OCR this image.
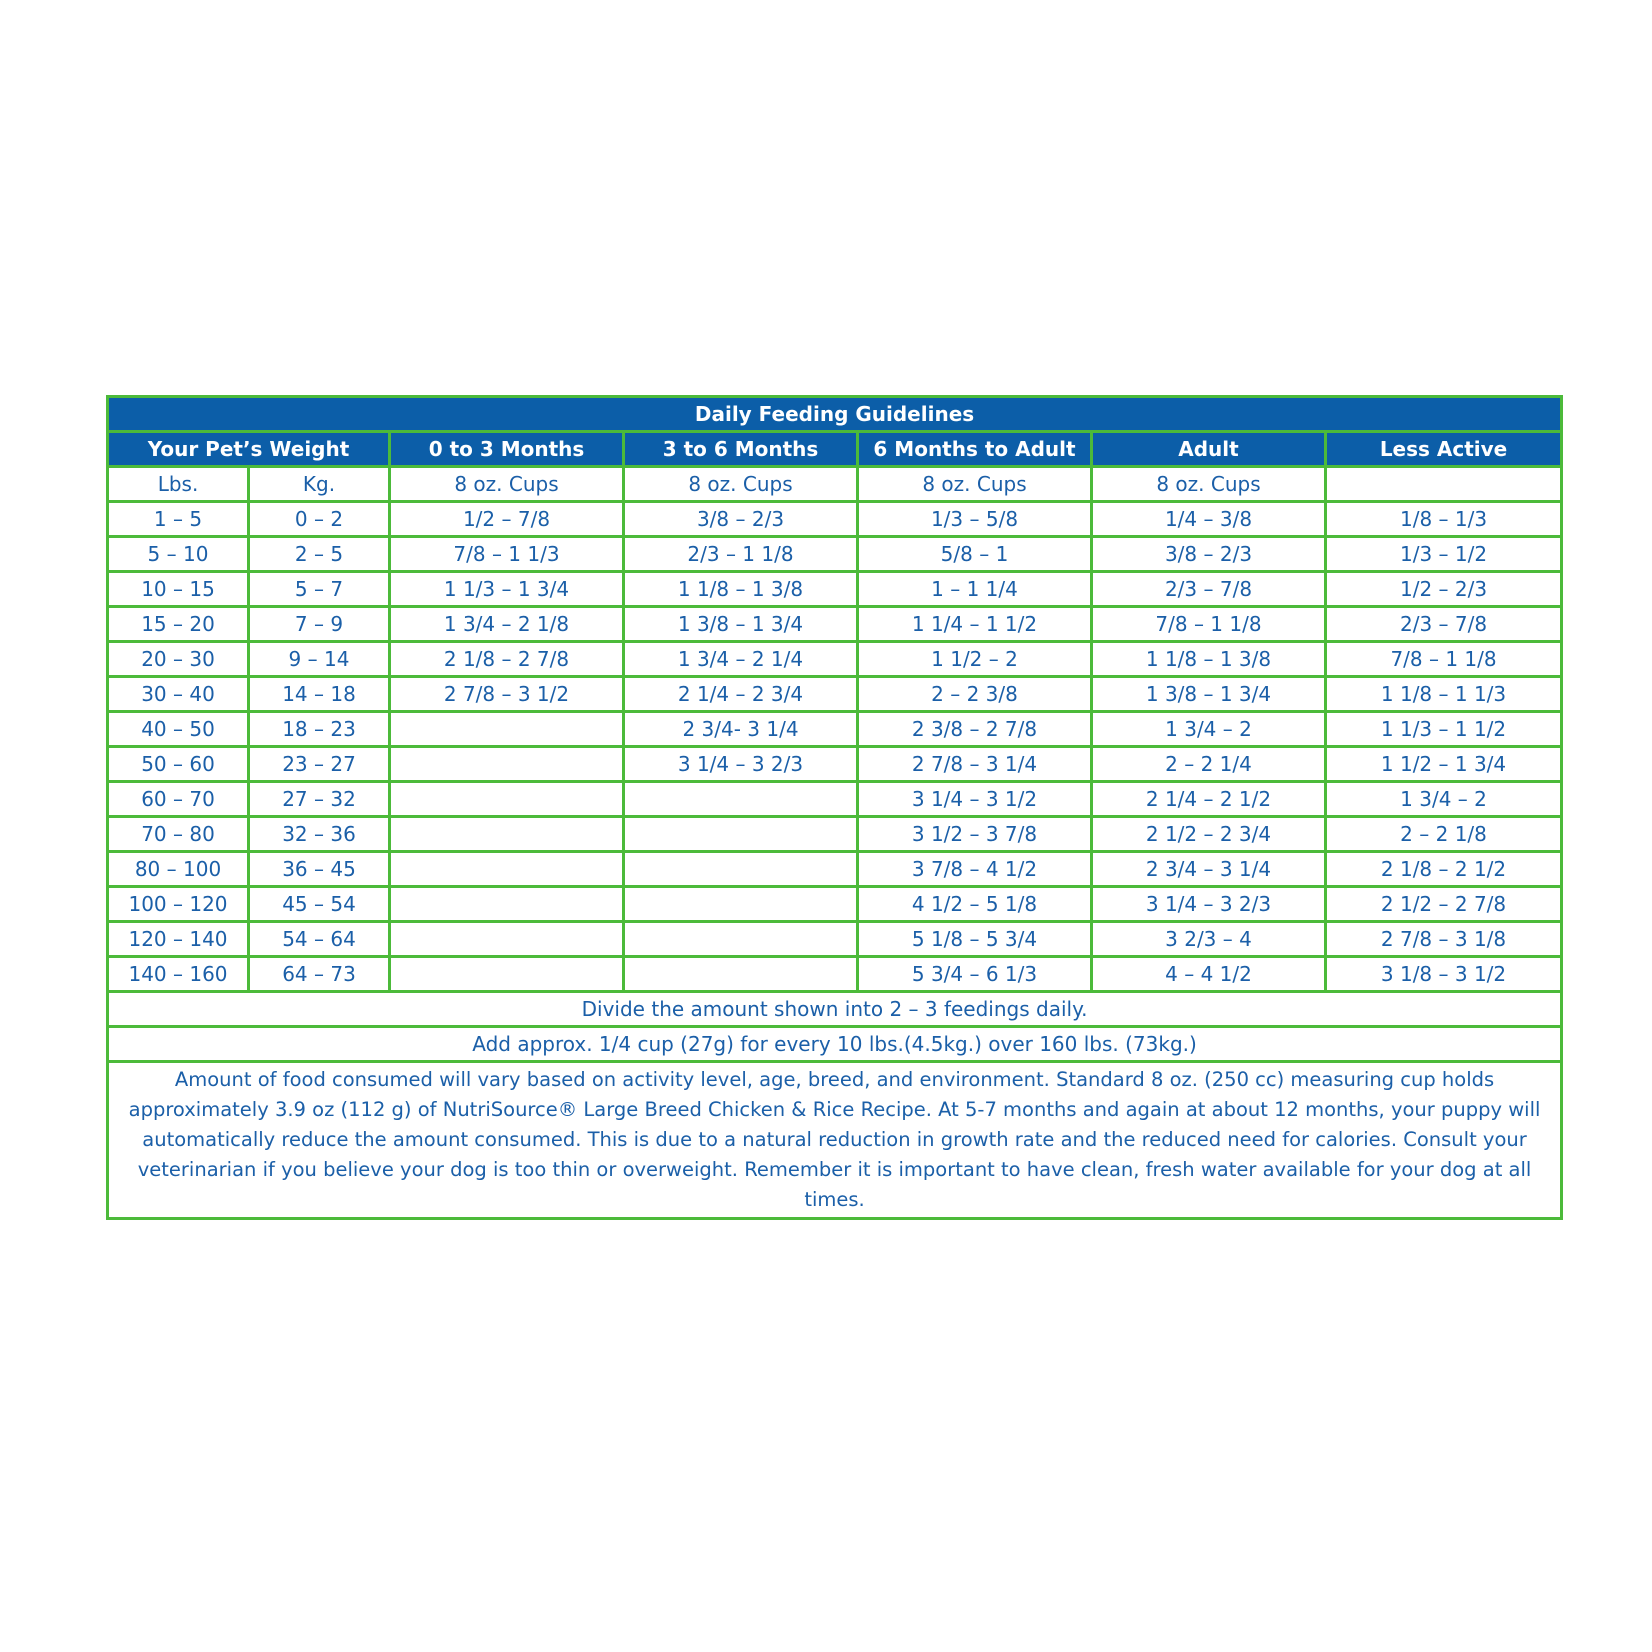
Daily Feeding Guidelines						
Your Pet’s Weight		0 to 3 Months	3 to 6 Months	6 Months to Adult	Adult	Less Active
Lbs.	Kg.	8 oz. Cups	8 oz. Cups	8 oz. Cups	8 oz. Cups	
1 – 5	0 – 2	1/2 – 7/8	3/8 – 2/3	1/3 – 5/8	1/4 – 3/8	1/8 – 1/3
5 – 10	2 – 5	7/8 – 1 1/3	2/3 – 1 1/8	5/8 – 1	3/8 – 2/3	1/3 – 1/2
10 – 15	5 – 7	1 1/3 – 1 3/4	1 1/8 – 1 3/8	1 – 1 1/4	2/3 – 7/8	1/2 – 2/3
15 – 20	7 – 9	1 3/4 – 2 1/8	1 3/8 – 1 3/4	1 1/4 – 1 1/2	7/8 – 1 1/8	2/3 – 7/8
20 – 30	9 – 14	2 1/8 – 2 7/8	1 3/4 – 2 1/4	1 1/2 – 2	1 1/8 – 1 3/8	7/8 – 1 1/8
30 – 40	14 – 18	2 7/8 – 3 1/2	2 1/4 – 2 3/4	2 – 2 3/8	1 3/8 – 1 3/4	1 1/8 – 1 1/3
40 – 50	18 – 23		2 3/4- 3 1/4	2 3/8 – 2 7/8	1 3/4 – 2	1 1/3 – 1 1/2
50 – 60	23 – 27		3 1/4 – 3 2/3	2 7/8 – 3 1/4	2 – 2 1/4	1 1/2 – 1 3/4
60 – 70	27 – 32			3 1/4 – 3 1/2	2 1/4 – 2 1/2	1 3/4 – 2
70 – 80	32 – 36			3 1/2 – 3 7/8	2 1/2 – 2 3/4	2 – 2 1/8
80 – 100	36 – 45			3 7/8 – 4 1/2	2 3/4 – 3 1/4	2 1/8 – 2 1/2
100 – 120	45 – 54			4 1/2 – 5 1/8	3 1/4 – 3 2/3	2 1/2 – 2 7/8
120 – 140	54 – 64			5 1/8 – 5 3/4	3 2/3 – 4	2 7/8 – 3 1/8
140 – 160	64 – 73			5 3/4 – 6 1/3	4 – 4 1/2	3 1/8 – 3 1/2
Divide the amount shown into 2 – 3 feedings daily.						
Add approx. 1/4 cup (27g) for every 10 lbs.(4.5kg.) over 160 lbs. (73kg.)						
Amount of food consumed will vary based on activity level, age, breed, and environment. Standard 8 oz. (250 cc) measuring cup holds approximately 3.9 oz (112 g) of NutriSource® Large Breed Chicken & Rice Recipe. At 5-7 months and again at about 12 months, your puppy will automatically reduce the amount consumed. This is due to a natural reduction in growth rate and the reduced need for calories. Consult your veterinarian if you believe your dog is too thin or overweight. Remember it is important to have clean, fresh water available for your dog at all times.						
